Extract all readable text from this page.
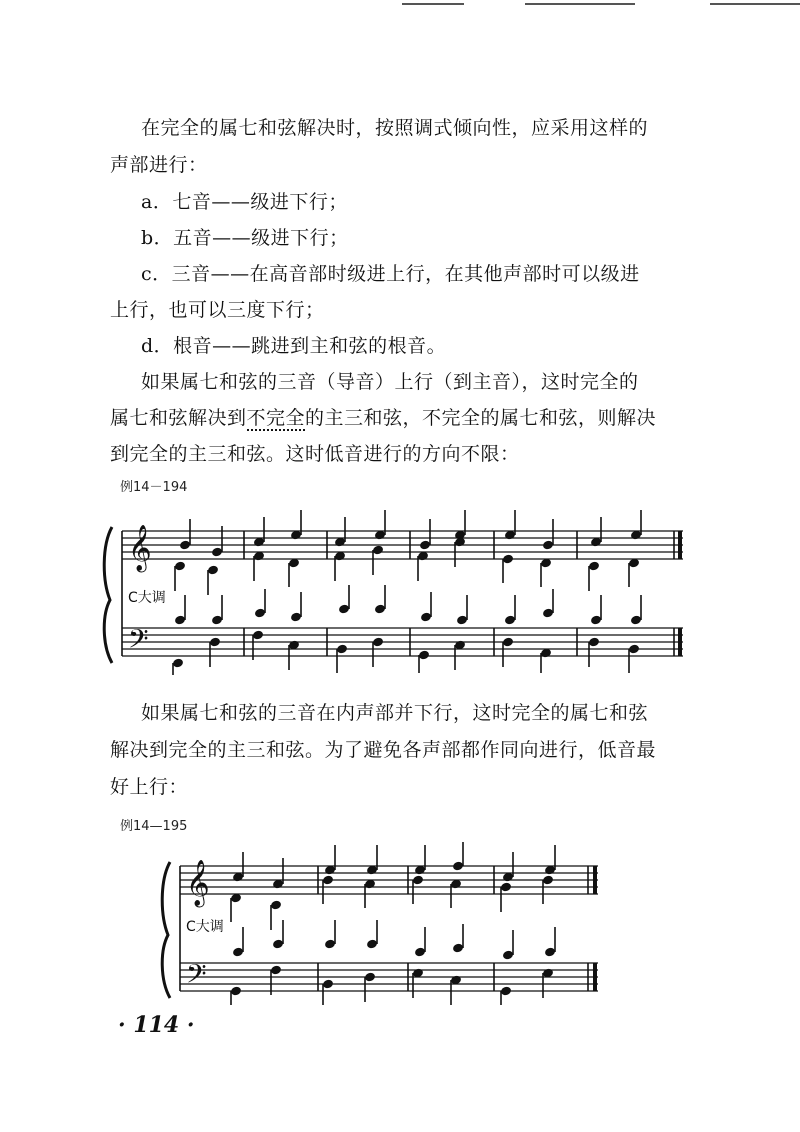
在完全的属七和弦解决时，按照调式倾向性，应采用这样的

声部进行：

a．七音——级进下行；

b．五音——级进下行；

c．三音——在高音部时级进上行，在其他声部时可以级进

上行，也可以三度下行；

d．根音——跳进到主和弦的根音。

如果属七和弦的三音（导音）上行（到主音），这时完全的

属七和弦解决到不完全的主三和弦，不完全的属七和弦，则解决

到完全的主三和弦。这时低音进行的方向不限：

例14－194
𝄞
𝄢
C大调

如果属七和弦的三音在内声部并下行，这时完全的属七和弦

解决到完全的主三和弦。为了避免各声部都作同向进行，低音最

好上行：

例14—195
𝄞
𝄢
C大调
· 114 ·
